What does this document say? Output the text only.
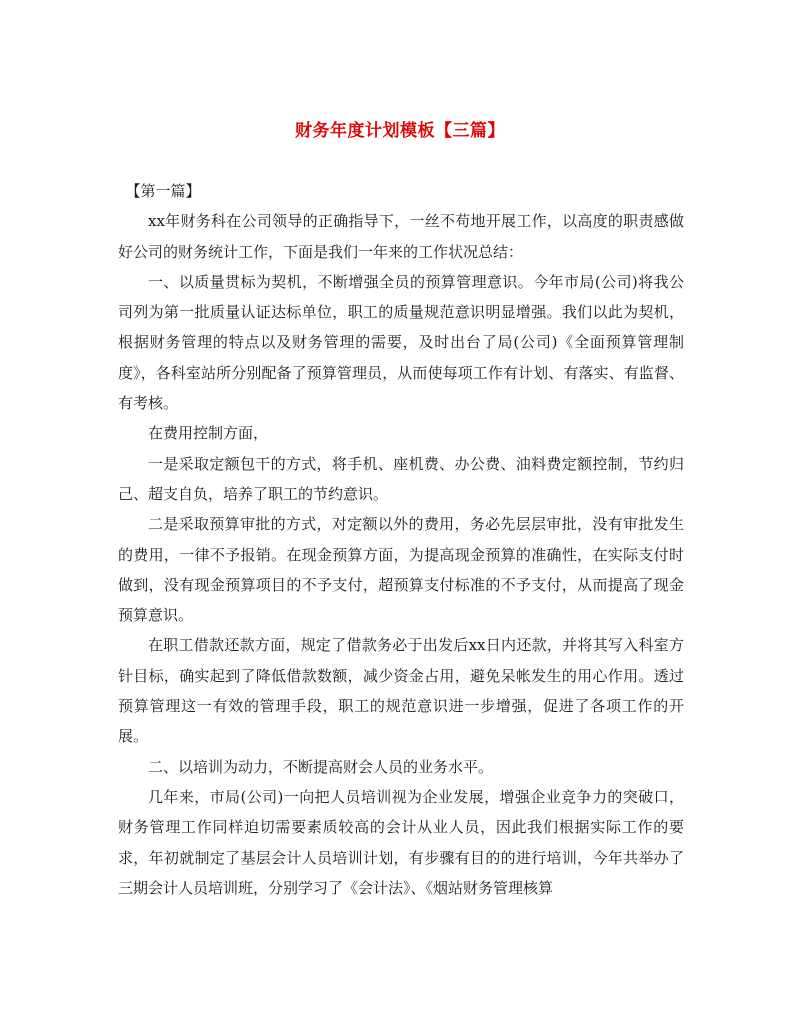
财务年度计划模板【三篇】

【第一篇】

xx年财务科在公司领导的正确指导下，一丝不苟地开展工作，以高度的职责感做好公司的财务统计工作，下面是我们一年来的工作状况总结：

一、以质量贯标为契机，不断增强全员的预算管理意识。今年市局(公司)将我公司列为第一批质量认证达标单位，职工的质量规范意识明显增强。我们以此为契机，根据财务管理的特点以及财务管理的需要，及时出台了局(公司)《全面预算管理制度》，各科室站所分别配备了预算管理员，从而使每项工作有计划、有落实、有监督、有考核。

在费用控制方面，

一是采取定额包干的方式，将手机、座机费、办公费、油料费定额控制，节约归己、超支自负，培养了职工的节约意识。

二是采取预算审批的方式，对定额以外的费用，务必先层层审批，没有审批发生的费用，一律不予报销。在现金预算方面，为提高现金预算的准确性，在实际支付时做到，没有现金预算项目的不予支付，超预算支付标准的不予支付，从而提高了现金预算意识。

在职工借款还款方面，规定了借款务必于出发后xx日内还款，并将其写入科室方针目标，确实起到了降低借款数额，减少资金占用，避免呆帐发生的用心作用。透过预算管理这一有效的管理手段，职工的规范意识进一步增强，促进了各项工作的开展。

二、以培训为动力，不断提高财会人员的业务水平。

几年来，市局(公司)一向把人员培训视为企业发展，增强企业竞争力的突破口，财务管理工作同样迫切需要素质较高的会计从业人员，因此我们根据实际工作的要求，年初就制定了基层会计人员培训计划，有步骤有目的的进行培训，今年共举办了三期会计人员培训班，分别学习了《会计法》、《烟站财务管理核算
